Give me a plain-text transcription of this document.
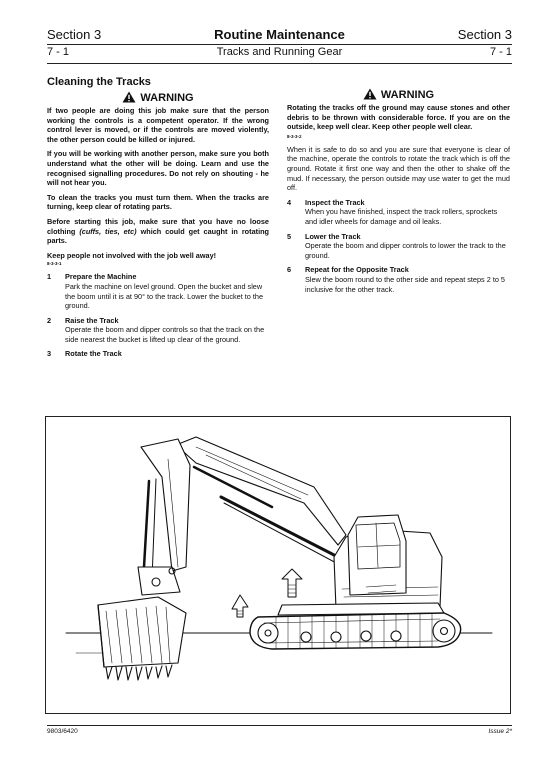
Section 3	Routine Maintenance	Section 3
7 - 1	Tracks and Running Gear	7 - 1
Cleaning the Tracks
WARNING

If two people are doing this job make sure that the person working the controls is a competent operator. If the wrong control lever is moved, or if the controls are moved violently, the other person could be killed or injured.

If you will be working with another person, make sure you both understand what the other will be doing. Learn and use the recognised signalling procedures. Do not rely on shouting - he will not hear you.

To clean the tracks you must turn them. When the tracks are turning, keep clear of rotating parts.

Before starting this job, make sure that you have no loose clothing (cuffs, ties, etc) which could get caught in rotating parts.

Keep people not involved with the job well away!

8-3-3-1
1 Prepare the Machine
Park the machine on level ground. Open the bucket and slew the boom until it is at 90° to the track. Lower the bucket to the ground.
2 Raise the Track
Operate the boom and dipper controls so that the track on the side nearest the bucket is lifted up clear of the ground.
3 Rotate the Track
WARNING

Rotating the tracks off the ground may cause stones and other debris to be thrown with considerable force. If you are on the outside, keep well clear. Keep other people well clear.

8-3-3-2

When it is safe to do so and you are sure that everyone is clear of the machine, operate the controls to rotate the track which is off the ground. Rotate it first one way and then the other to shake off the mud. If necessary, the person outside may use water to get the mud off.

4 Inspect the Track
When you have finished, inspect the track rollers, sprockets and idler wheels for damage and oil leaks.
5 Lower the Track
Operate the boom and dipper controls to lower the track to the ground.
6 Repeat for the Opposite Track
Slew the boom round to the other side and repeat steps 2 to 5 inclusive for the other track.
9803/6420	Issue 2*
